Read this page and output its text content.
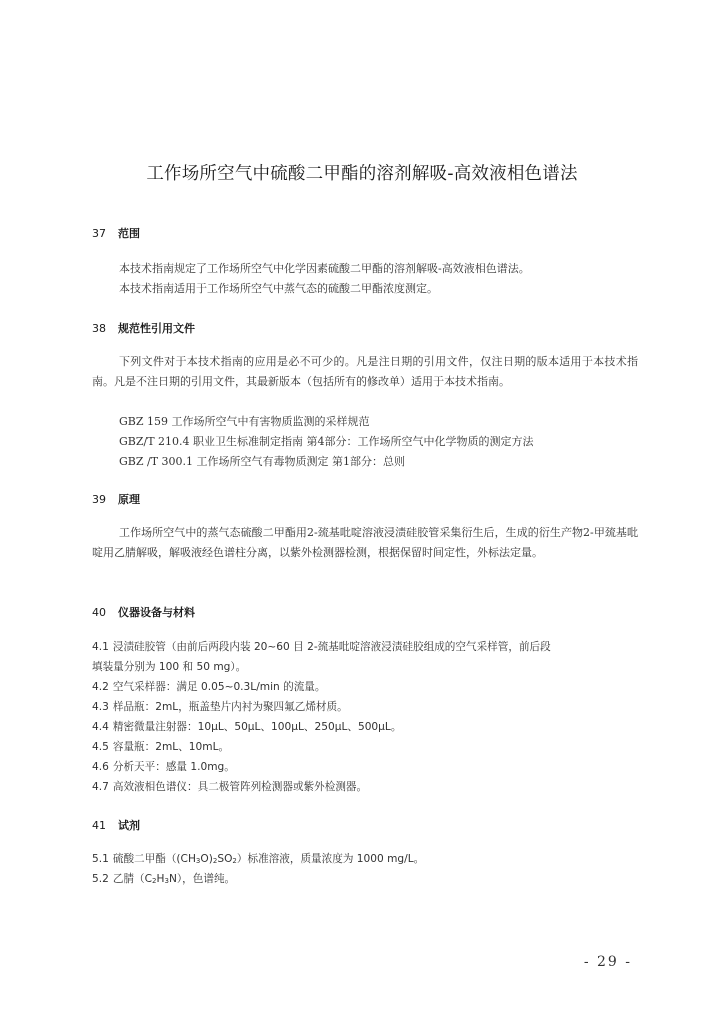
工作场所空气中硫酸二甲酯的溶剂解吸-高效液相色谱法
37 范围

本技术指南规定了工作场所空气中化学因素硫酸二甲酯的溶剂解吸-高效液相色谱法。

本技术指南适用于工作场所空气中蒸气态的硫酸二甲酯浓度测定。

38 规范性引用文件

下列文件对于本技术指南的应用是必不可少的。凡是注日期的引用文件，仅注日期的版本适用于本技术指南。凡是不注日期的引用文件，其最新版本（包括所有的修改单）适用于本技术指南。

GBZ 159 工作场所空气中有害物质监测的采样规范

GBZ/T 210.4 职业卫生标准制定指南 第4部分：工作场所空气中化学物质的测定方法

GBZ /T 300.1 工作场所空气有毒物质测定 第1部分：总则

39 原理

工作场所空气中的蒸气态硫酸二甲酯用2-巯基吡啶溶液浸渍硅胶管采集衍生后，生成的衍生产物2-甲巯基吡啶用乙腈解吸，解吸液经色谱柱分离，以紫外检测器检测，根据保留时间定性，外标法定量。

40 仪器设备与材料

4.1 浸渍硅胶管（由前后两段内装 20~60 目 2-巯基吡啶溶液浸渍硅胶组成的空气采样管，前后段

填装量分别为 100 和 50 mg）。

4.2 空气采样器：满足 0.05~0.3L/min 的流量。

4.3 样品瓶：2mL，瓶盖垫片内衬为聚四氟乙烯材质。

4.4 精密微量注射器：10μL、50μL、100μL、250μL、500μL。

4.5 容量瓶：2mL、10mL。

4.6 分析天平：感量 1.0mg。

4.7 高效液相色谱仪：具二极管阵列检测器或紫外检测器。

41 试剂

5.1 硫酸二甲酯$((CH_3O)_2SO_2)$标准溶液，质量浓度为 1000 mg/L。

5.2 乙腈$(C_2H_3N)$，色谱纯。

- 29 -
